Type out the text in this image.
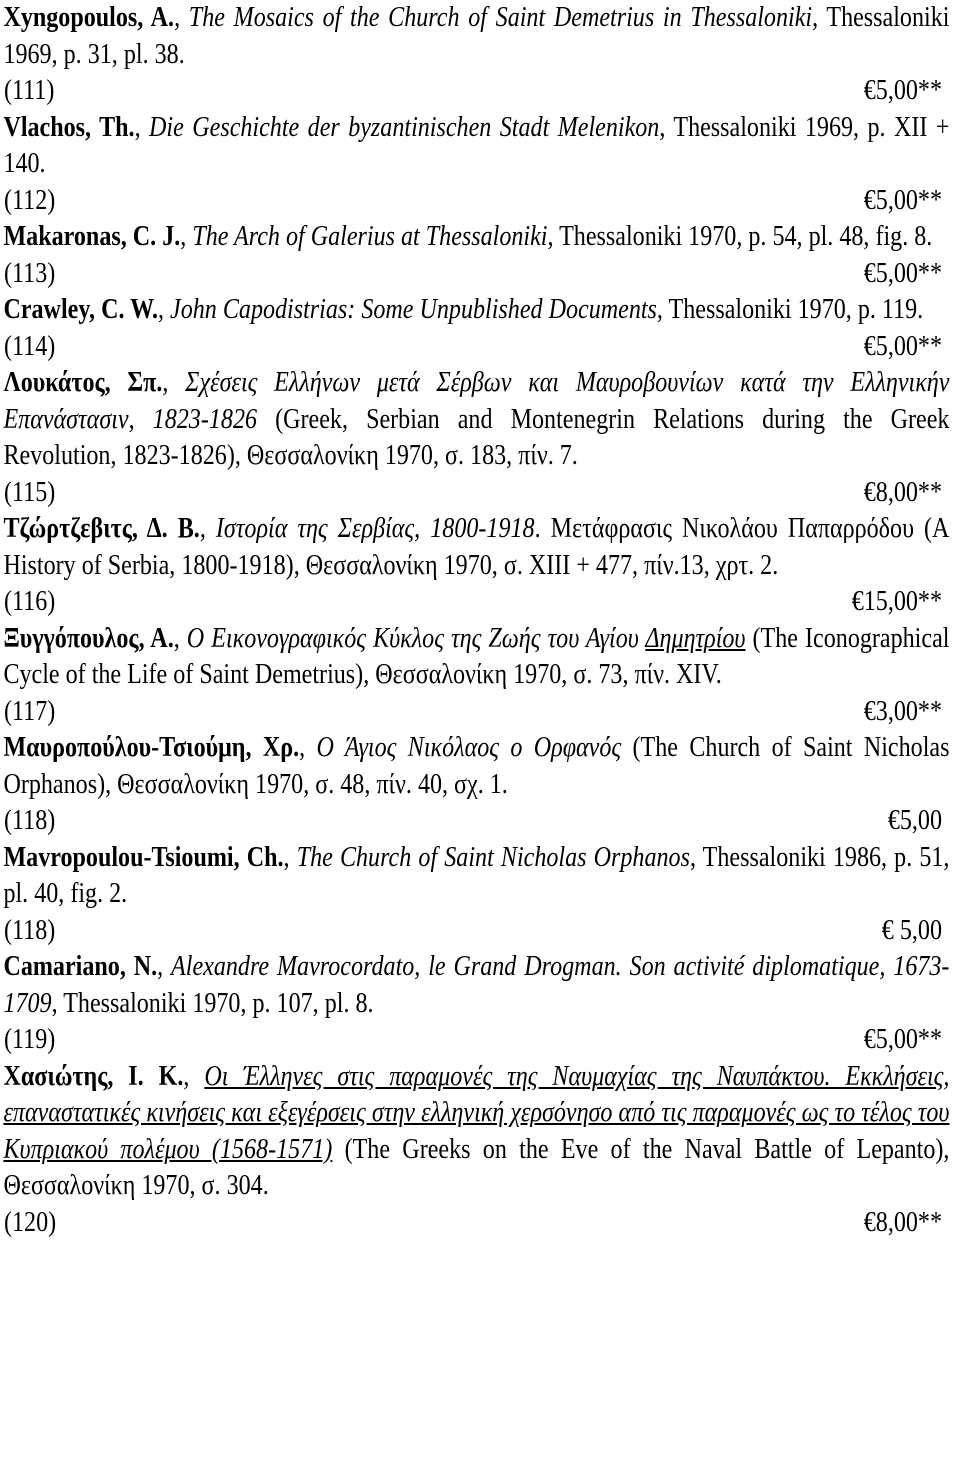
Xyngopoulos, A., The Mosaics of the Church of Saint Demetrius in Thessaloniki, Thessaloniki 1969, p. 31, pl. 38.
(111)	€5,00**
Vlachos, Th., Die Geschichte der byzantinischen Stadt Melenikon, Thessaloniki 1969, p. XII + 140.
(112)	€5,00**
Makaronas, C. J., The Arch of Galerius at Thessaloniki, Thessaloniki 1970, p. 54, pl. 48, fig. 8.
(113)	€5,00**
Crawley, C. W., John Capodistrias: Some Unpublished Documents, Thessaloniki 1970, p. 119.
(114)	€5,00**
Λουκάτος, Σπ., Σχέσεις Ελλήνων μετά Σέρβων και Μαυροβουνίων κατά την Ελληνικήν Επανάστασιν, 1823-1826 (Greek, Serbian and Montenegrin Relations during the Greek Revolution, 1823-1826), Θεσσαλονίκη 1970, σ. 183, πίν. 7.
(115)	€8,00**
Τζώρτζεβιτς, Δ. Β., Ιστορία της Σερβίας, 1800-1918. Μετάφρασις Νικολάου Παπαρρόδου (A History of Serbia, 1800-1918), Θεσσαλονίκη 1970, σ. XIII + 477, πίν.13, χρτ. 2.
(116)	€15,00**
Ξυγγόπουλος, Α., Ο Εικονογραφικός Κύκλος της Ζωής του Αγίου Δημητρίου (The Iconographical Cycle of the Life of Saint Demetrius), Θεσσαλονίκη 1970, σ. 73, πίν. XIV.
(117)	€3,00**
Μαυροπούλου-Τσιούμη, Χρ., Ο Άγιος Νικόλαος ο Ορφανός (The Church of Saint Nicholas Orphanos), Θεσσαλονίκη 1970, σ. 48, πίν. 40, σχ. 1.
(118)	€5,00
Mavropoulou-Tsioumi, Ch., The Church of Saint Nicholas Orphanos, Thessaloniki 1986, p. 51, pl. 40, fig. 2.
(118)	€ 5,00
Camariano, N., Alexandre Mavrocordato, le Grand Drogman. Son activité diplomatique, 1673-1709, Thessaloniki 1970, p. 107, pl. 8.
(119)	€5,00**
Χασιώτης, Ι. Κ., Οι Έλληνες στις παραμονές της Ναυμαχίας της Ναυπάκτου. Εκκλήσεις, επαναστατικές κινήσεις και εξεγέρσεις στην ελληνική χερσόνησο από τις παραμονές ως το τέλος του Κυπριακού πολέμου (1568-1571) (The Greeks on the Eve of the Naval Battle of Lepanto), Θεσσαλονίκη 1970, σ. 304.
(120)	€8,00**
